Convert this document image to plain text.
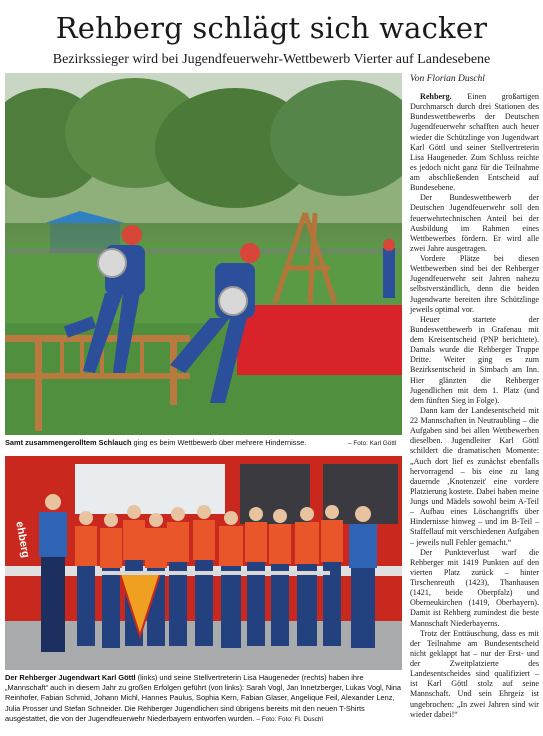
Rehberg schlägt sich wacker
Bezirkssieger wird bei Jugendfeuerwehr-Wettbewerb Vierter auf Landesebene
Samt zusammengerolltem Schlauch ging es beim Wettbewerb über mehrere Hindernisse.	– Foto: Karl Göttl
ehberg
Der Rehberger Jugendwart Karl Göttl (links) und seine Stellvertreterin Lisa Haugeneder (rechts) haben ihre „Mannschaft“ auch in diesem Jahr zu großen Erfolgen geführt (von links): Sarah Vogl, Jan Innetzberger, Lukas Vogl, Nina Reinhofer, Fabian Schmid, Johann Michl, Hannes Paulus, Sophia Kern, Fabian Glaser, Angelique Feil, Alexander Lenz, Julia Prosser und Stefan Schneider. Die Rehberger Jugendlichen sind übrigens bereits mit den neuen T-Shirts ausgestattet, die von der Jugendfeuerwehr Niederbayern entworfen wurden. – Foto: Foto: Fl. Duschl
Von Florian Duschl

Rehberg. Einen großartigen Durchmarsch durch drei Stationen des Bundeswettbewerbs der Deutschen Jugendfeuerwehr schafften auch heuer wieder die Schützlinge von Jugendwart Karl Göttl und seiner Stellvertreterin Lisa Haugeneder. Zum Schluss reichte es jedoch nicht ganz für die Teilnahme am abschließenden Entscheid auf Bundesebene.

Der Bundeswettbewerb der Deutschen Jugendfeuerwehr soll den feuerwehrtechnischen Anteil bei der Ausbildung im Rahmen eines Wettbewerbes fördern. Er wird alle zwei Jahre ausgetragen.

Vordere Plätze bei diesen Wettbewerben sind bei der Rehberger Jugendfeuerwehr seit Jahren nahezu selbstverständlich, denn die beiden Jugendwarte bereiten ihre Schützlinge jeweils optimal vor.

Heuer startete der Bundeswettbewerb in Grafenau mit dem Kreisentscheid (PNP berichtete). Damals wurde die Rehberger Truppe Dritte. Weiter ging es zum Bezirksentscheid in Simbach am Inn. Hier glänzten die Rehberger Jugendlichen mit dem 1. Platz (und dem fünften Sieg in Folge).

Dann kam der Landesentscheid mit 22 Mannschaften in Neutraubling – die Aufgaben sind bei allen Wettbewerben dieselben. Jugendleiter Karl Göttl schildert die dramatischen Momente: „Auch dort lief es zunächst ebenfalls hervorragend – bis eine zu lang dauernde ‚Knotenzeit' eine vordere Platzierung kostete. Dabei haben meine Jungs und Mädels sowohl beim A-Teil – Aufbau eines Löschangriffs über Hindernisse hinweg – und im B-Teil – Staffellauf mit verschiedenen Aufgaben – jeweils null Fehler gemacht.“

Der Punkteverlust warf die Rehberger mit 1419 Punkten auf den vierten Platz zurück – hinter Tirschenreuth (1423), Thanhausen (1421, beide Oberpfalz) und Oberneukirchen (1419, Oberbayern). Damit ist Rehberg zumindest die beste Mannschaft Niederbayerns.

Trotz der Enttäuschung, dass es mit der Teilnahme am Bundesentscheid nicht geklappt hat – nur der Erst- und der Zweitplatzierte des Landesentscheides sind qualifiziert – ist Karl Göttl stolz auf seine Mannschaft. Und sein Ehrgeiz ist ungebrochen: „In zwei Jahren sind wir wieder dabei!“
